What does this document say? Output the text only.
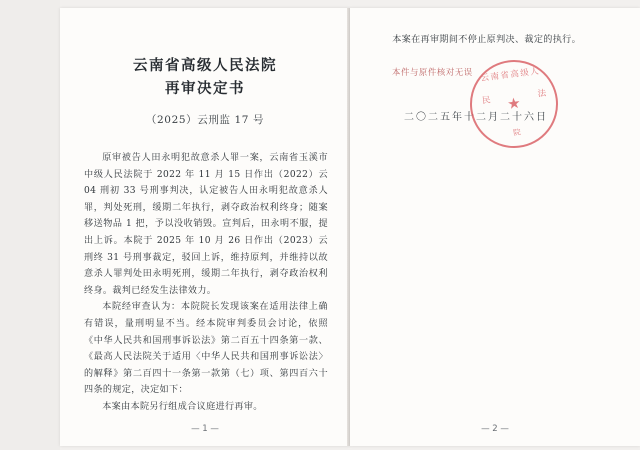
云南省高级人民法院
再审决定书
（2025）云刑监 17 号

原审被告人田永明犯故意杀人罪一案，云南省玉溪市中级人民法院于 2022 年 11 月 15 日作出（2022）云 04 刑初 33 号刑事判决，认定被告人田永明犯故意杀人罪，判处死刑，缓期二年执行，剥夺政治权利终身；随案移送物品 1 把，予以没收销毁。宣判后，田永明不服，提出上诉。本院于 2025 年 10 月 26 日作出（2023）云刑终 31 号刑事裁定，驳回上诉，维持原判，并维持以故意杀人罪判处田永明死刑，缓期二年执行，剥夺政治权利终身。裁判已经发生法律效力。

本院经审查认为：本院院长发现该案在适用法律上确有错误，量刑明显不当。经本院审判委员会讨论，依照《中华人民共和国刑事诉讼法》第二百五十四条第一款、《最高人民法院关于适用〈中华人民共和国刑事诉讼法〉的解释》第二百四十一条第一款第（七）项、第四百六十四条的规定，决定如下：

本案由本院另行组成合议庭进行再审。

— 1 —
本案在再审期间不停止原判决、裁定的执行。
本件与原件核对无误
二〇二五年十二月二十六日
云南省高级人
民
法
★
院
— 2 —
